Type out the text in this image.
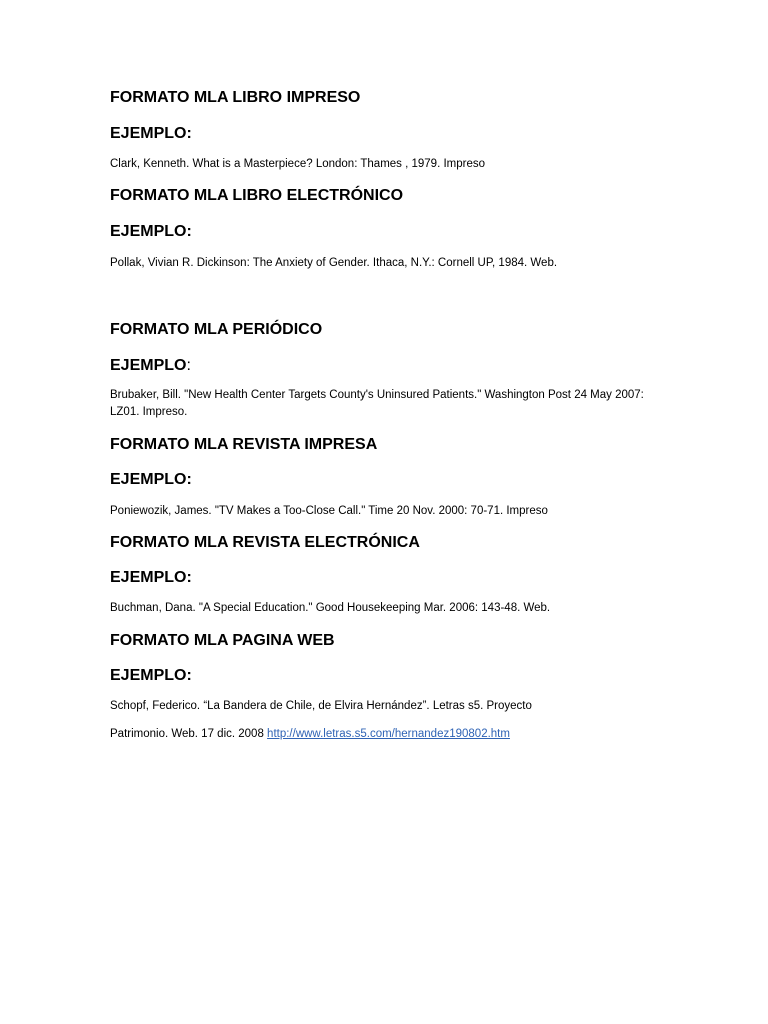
FORMATO MLA LIBRO IMPRESO
EJEMPLO:
Clark, Kenneth. What is a Masterpiece? London: Thames , 1979. Impreso
FORMATO MLA LIBRO ELECTRÓNICO
EJEMPLO:
Pollak, Vivian R. Dickinson: The Anxiety of Gender. Ithaca, N.Y.: Cornell UP, 1984. Web.
FORMATO MLA PERIÓDICO
EJEMPLO:
Brubaker, Bill. "New Health Center Targets County's Uninsured Patients." Washington Post 24 May 2007: LZ01. Impreso.
FORMATO MLA REVISTA IMPRESA
EJEMPLO:
Poniewozik, James. "TV Makes a Too-Close Call." Time 20 Nov. 2000: 70-71. Impreso
FORMATO MLA REVISTA ELECTRÓNICA
EJEMPLO:
Buchman, Dana. "A Special Education." Good Housekeeping Mar. 2006: 143-48. Web.
FORMATO MLA PAGINA WEB
EJEMPLO:
Schopf, Federico. “La Bandera de Chile, de Elvira Hernández”. Letras s5. Proyecto
Patrimonio. Web. 17 dic. 2008 http://www.letras.s5.com/hernandez190802.htm
